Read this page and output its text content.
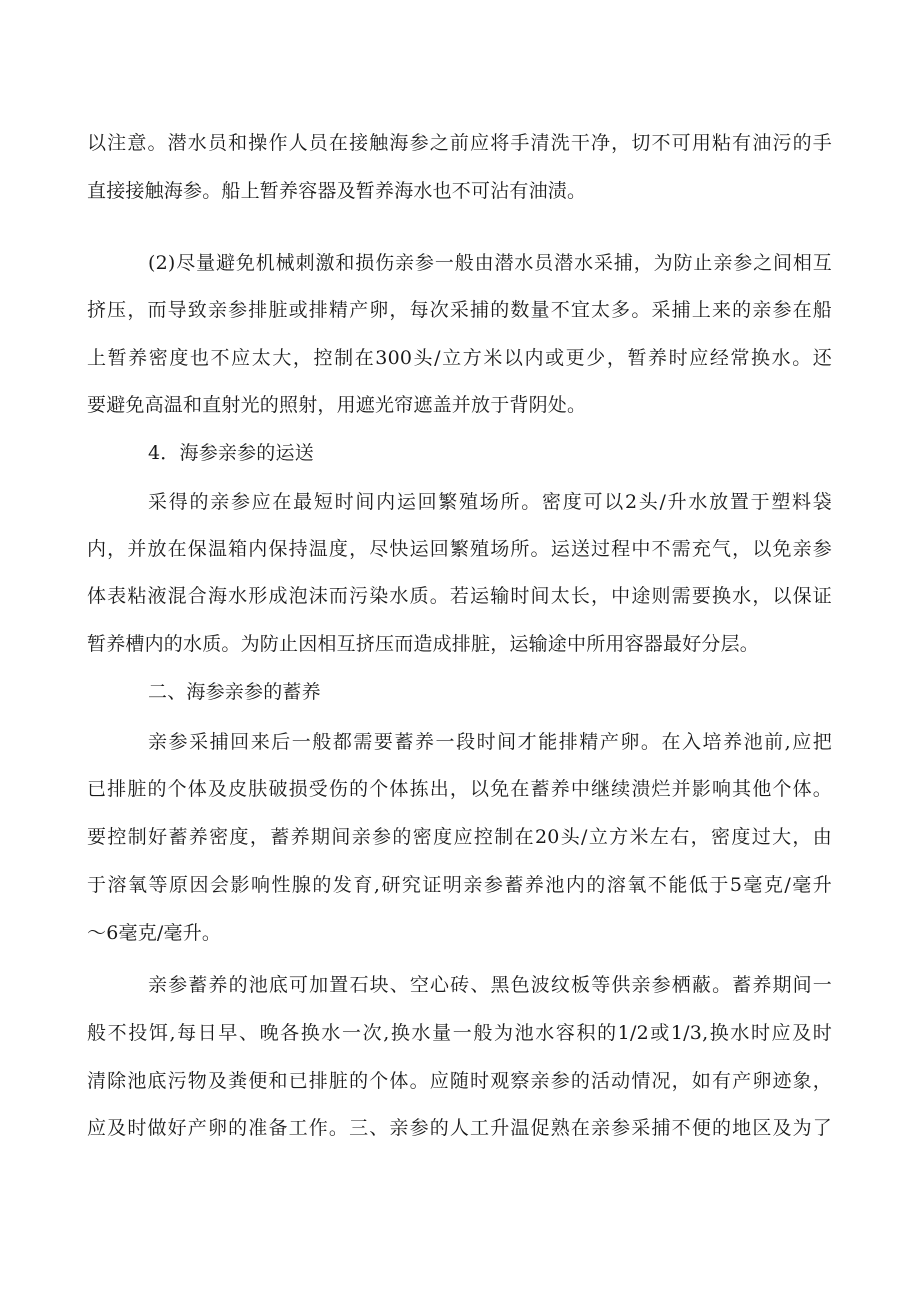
以注意。潜水员和操作人员在接触海参之前应将手清洗干净，切不可用粘有油污的手
直接接触海参。船上暂养容器及暂养海水也不可沾有油渍。
(2)尽量避免机械刺激和损伤亲参一般由潜水员潜水采捕，为防止亲参之间相互
挤压，而导致亲参排脏或排精产卵，每次采捕的数量不宜太多。采捕上来的亲参在船
上暂养密度也不应太大，控制在300头/立方米以内或更少，暂养时应经常换水。还
要避免高温和直射光的照射，用遮光帘遮盖并放于背阴处。
4．海参亲参的运送
采得的亲参应在最短时间内运回繁殖场所。密度可以2头/升水放置于塑料袋
内，并放在保温箱内保持温度，尽快运回繁殖场所。运送过程中不需充气，以免亲参
体表粘液混合海水形成泡沫而污染水质。若运输时间太长，中途则需要换水，以保证
暂养槽内的水质。为防止因相互挤压而造成排脏，运输途中所用容器最好分层。
二、海参亲参的蓄养
亲参采捕回来后一般都需要蓄养一段时间才能排精产卵。在入培养池前,应把
已排脏的个体及皮肤破损受伤的个体拣出，以免在蓄养中继续溃烂并影响其他个体。
要控制好蓄养密度，蓄养期间亲参的密度应控制在20头/立方米左右，密度过大，由
于溶氧等原因会影响性腺的发育,研究证明亲参蓄养池内的溶氧不能低于5毫克/毫升
～6毫克/毫升。
亲参蓄养的池底可加置石块、空心砖、黑色波纹板等供亲参栖蔽。蓄养期间一
般不投饵,每日早、晚各换水一次,换水量一般为池水容积的1/2或1/3,换水时应及时
清除池底污物及粪便和已排脏的个体。应随时观察亲参的活动情况，如有产卵迹象，
应及时做好产卵的准备工作。三、亲参的人工升温促熟在亲参采捕不便的地区及为了
